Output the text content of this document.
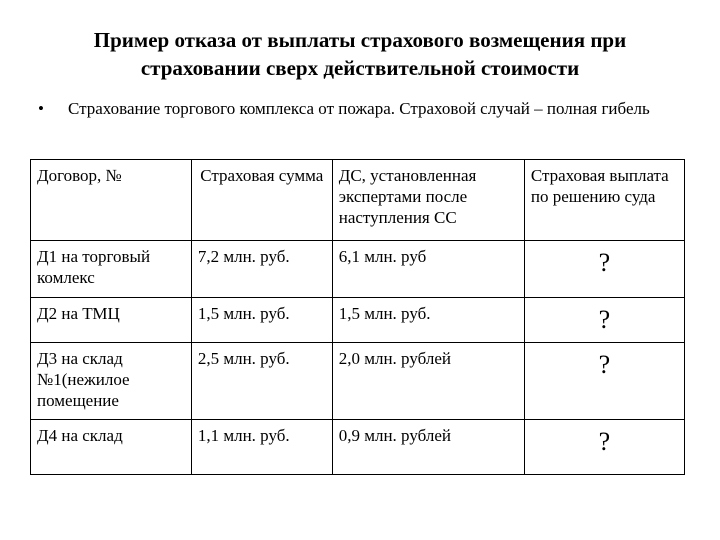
Пример отказа от выплаты страхового возмещения при
страховании сверх действительной стоимости
•	Страхование торгового комплекса от пожара. Страховой случай – полная гибель
Договор, №	Страховая сумма	ДС, установленная экспертами после наступления СС	Страховая выплата по решению суда
Д1 на торговый комлекс	7,2 млн. руб.	6,1 млн. руб	?

Д2 на ТМЦ	1,5 млн. руб.	1,5 млн. руб.	?

Д3 на склад №1(нежилое помещение	2,5 млн. руб.	2,0 млн. рублей	?

Д4 на склад	1,1 млн. руб.	0,9 млн. рублей	?
